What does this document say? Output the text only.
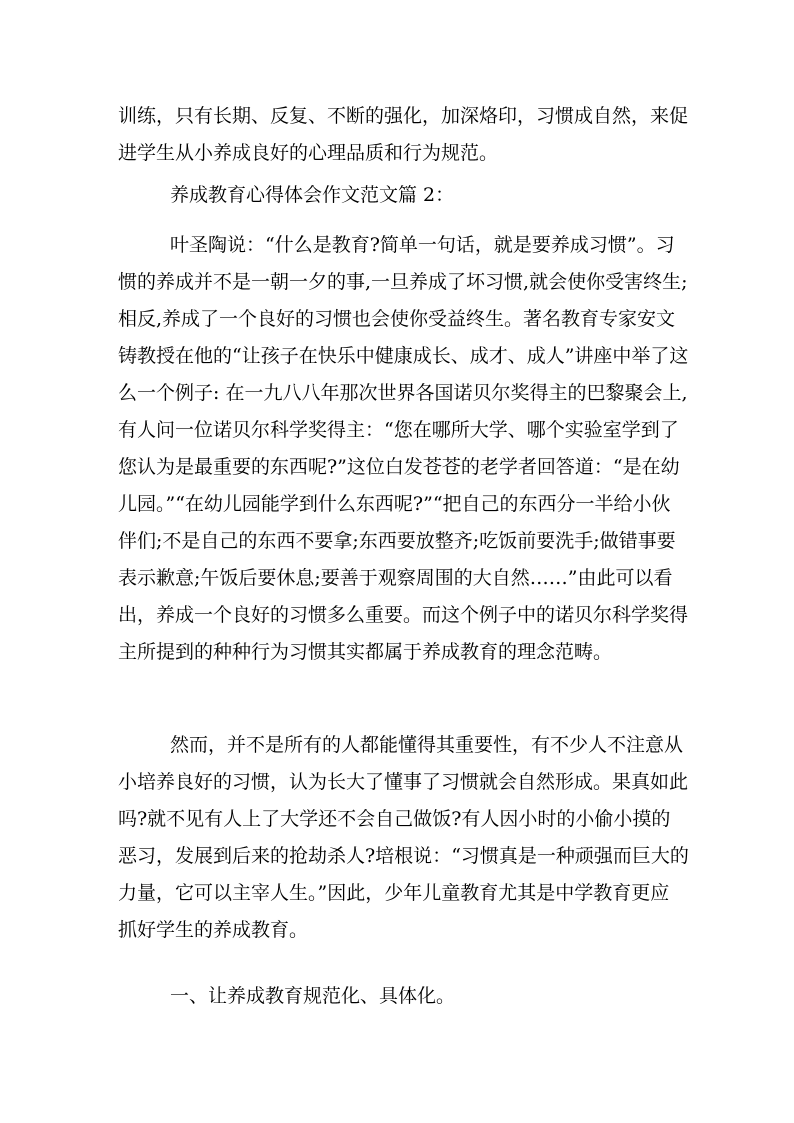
训练，只有长期、反复、不断的强化，加深烙印，习惯成自然，来促

进学生从小养成良好的心理品质和行为规范。

养成教育心得体会作文范文篇 2：

叶圣陶说：“什么是教育?简单一句话，就是要养成习惯”。习

惯的养成并不是一朝一夕的事,一旦养成了坏习惯,就会使你受害终生;

相反,养成了一个良好的习惯也会使你受益终生。著名教育专家安文

铸教授在他的“让孩子在快乐中健康成长、成才、成人”讲座中举了这

么一个例子: 在一九八八年那次世界各国诺贝尔奖得主的巴黎聚会上,

有人问一位诺贝尔科学奖得主：“您在哪所大学、哪个实验室学到了

您认为是最重要的东西呢?”这位白发苍苍的老学者回答道：“是在幼

儿园。”“在幼儿园能学到什么东西呢?”“把自己的东西分一半给小伙

伴们;不是自己的东西不要拿;东西要放整齐;吃饭前要洗手;做错事要

表示歉意;午饭后要休息;要善于观察周围的大自然……”由此可以看

出，养成一个良好的习惯多么重要。而这个例子中的诺贝尔科学奖得

主所提到的种种行为习惯其实都属于养成教育的理念范畴。

然而，并不是所有的人都能懂得其重要性，有不少人不注意从

小培养良好的习惯，认为长大了懂事了习惯就会自然形成。果真如此

吗?就不见有人上了大学还不会自己做饭?有人因小时的小偷小摸的

恶习，发展到后来的抢劫杀人?培根说：“习惯真是一种顽强而巨大的

力量，它可以主宰人生。”因此，少年儿童教育尤其是中学教育更应

抓好学生的养成教育。

一、让养成教育规范化、具体化。
